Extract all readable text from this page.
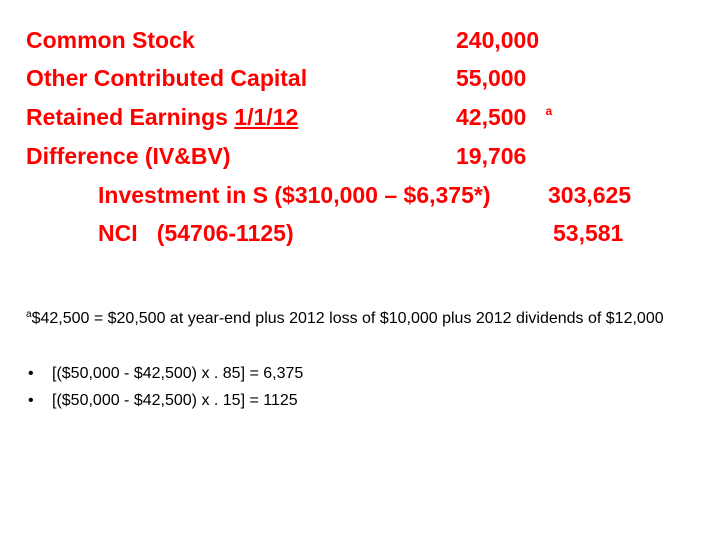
Common Stock	240,000
Other Contributed Capital	55,000
Retained Earnings 1/1/12	42,500 $^a$
Difference (IV&BV)	19,706
Investment in S ($310,000 – $6,375*)	303,625
NCI   (54706-1125)	53,581
$^a$\$42,500 = $20,500 at year-end plus 2012 loss of $10,000 plus 2012 dividends of $12,000
• [($50,000 - $42,500) x . 85] = 6,375
• [($50,000 - $42,500) x . 15] = 1125
